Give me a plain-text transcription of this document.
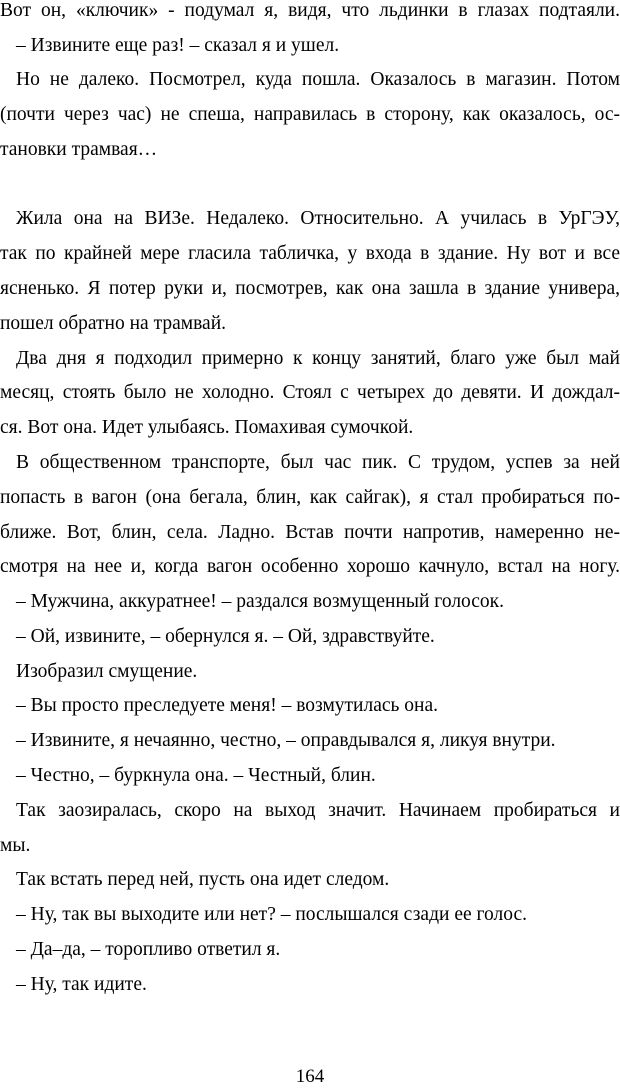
Вот он, «ключик» - подумал я, видя, что льдинки в глазах подтаяли.

– Извините еще раз! – сказал я и ушел.

Но не далеко. Посмотрел, куда пошла. Оказалось в магазин. Потом

(почти через час) не спеша, направилась в сторону, как оказалось, ос-

тановки трамвая…

Жила она на ВИЗе. Недалеко. Относительно. А училась в УрГЭУ,

так по крайней мере гласила табличка, у входа в здание. Ну вот и все

ясненько. Я потер руки и, посмотрев, как она зашла в здание универа,

пошел обратно на трамвай.

Два дня я подходил примерно к концу занятий, благо уже был май

месяц, стоять было не холодно. Стоял с четырех до девяти. И дождал-

ся. Вот она. Идет улыбаясь. Помахивая сумочкой.

В общественном транспорте, был час пик. С трудом, успев за ней

попасть в вагон (она бегала, блин, как сайгак), я стал пробираться по-

ближе. Вот, блин, села. Ладно. Встав почти напротив, намеренно не-

смотря на нее и, когда вагон особенно хорошо качнуло, встал на ногу.

– Мужчина, аккуратнее! – раздался возмущенный голосок.

– Ой, извините, – обернулся я. – Ой, здравствуйте.

Изобразил смущение.

– Вы просто преследуете меня! – возмутилась она.

– Извините, я нечаянно, честно, – оправдывался я, ликуя внутри.

– Честно, – буркнула она. – Честный, блин.

Так заозиралась, скоро на выход значит. Начинаем пробираться и

мы.

Так встать перед ней, пусть она идет следом.

– Ну, так вы выходите или нет? – послышался сзади ее голос.

– Да–да, – торопливо ответил я.

– Ну, так идите.

164
